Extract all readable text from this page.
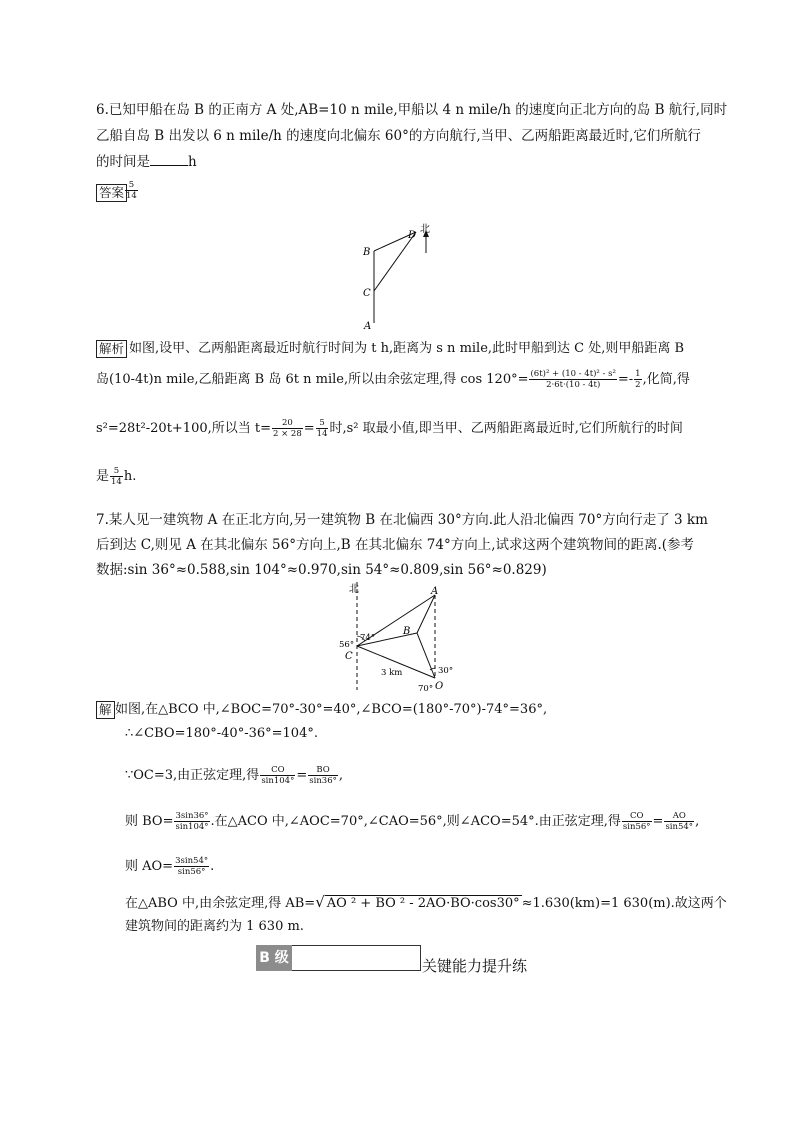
6.已知甲船在岛 B 的正南方 A 处,AB=10 n mile,甲船以 4 n mile/h 的速度向正北方向的岛 B 航行,同时
乙船自岛 B 出发以 6 n mile/h 的速度向北偏东 60°的方向航行,当甲、乙两船距离最近时,它们所航行
的时间是	h
答案 $\frac{5}{14}$
B
D
北
C
A
解析 如图,设甲、乙两船距离最近时航行时间为 t h,距离为 s n mile,此时甲船到达 C 处,则甲船距离 B
岛(10-4t)n mile,乙船距离 B 岛 6t n mile,所以由余弦定理,得 $\cos 120^\circ= \frac{\text{(6t)² + (10 - 4t)² - s²}}{2\cdot 6t\cdot(10 - 4t)} =- \frac{1}{2}$ ,化简,得
s²=28t²-20t+100,所以当 $t= \frac{20}{2 \times 28} = \frac{5}{14}$ 时,s² 取最小值,即当甲、乙两船距离最近时,它们所航行的时间
是 $\frac{5}{14} h$.
7.某人见一建筑物 A 在正北方向,另一建筑物 B 在北偏西 30°方向.此人沿北偏西 70°方向行走了 3 km
后到达 C,则见 A 在其北偏东 56°方向上,B 在其北偏东 74°方向上,试求这两个建筑物间的距离.(参考
数据:sin 36°≈0.588,sin 104°≈0.970,sin 54°≈0.809,sin 56°≈0.829)
北	A
B
74°
56°
C
3 km	30°
70° O
解 如图,在△BCO 中,∠BOC=70°-30°=40°,∠BCO=(180°-70°)-74°=36°,
∴∠CBO=180°-40°-36°=104°.
∵OC=3,由正弦定理,得 $\frac{CO}{\sin 104^\circ} = \frac{BO}{\sin 36^\circ}$ ,
则 $BO= \frac{3\sin 36^\circ}{\sin 104^\circ}$ .在△ACO 中,∠AOC=70°,∠CAO=56°,则∠ACO=54°.由正弦定理,得 $\frac{CO}{\sin 56^\circ} = \frac{AO}{\sin 54^\circ}$ ,
则 $AO= \frac{3\sin 54^\circ}{\sin 56^\circ}$ .
在△ABO 中,由余弦定理,得 AB=√ AO ² + BO ² - 2AO·BO·cos30° ≈1.630(km)=1 630(m).故这两个
建筑物间的距离约为 1 630 m.
B 级	关键能力提升练
